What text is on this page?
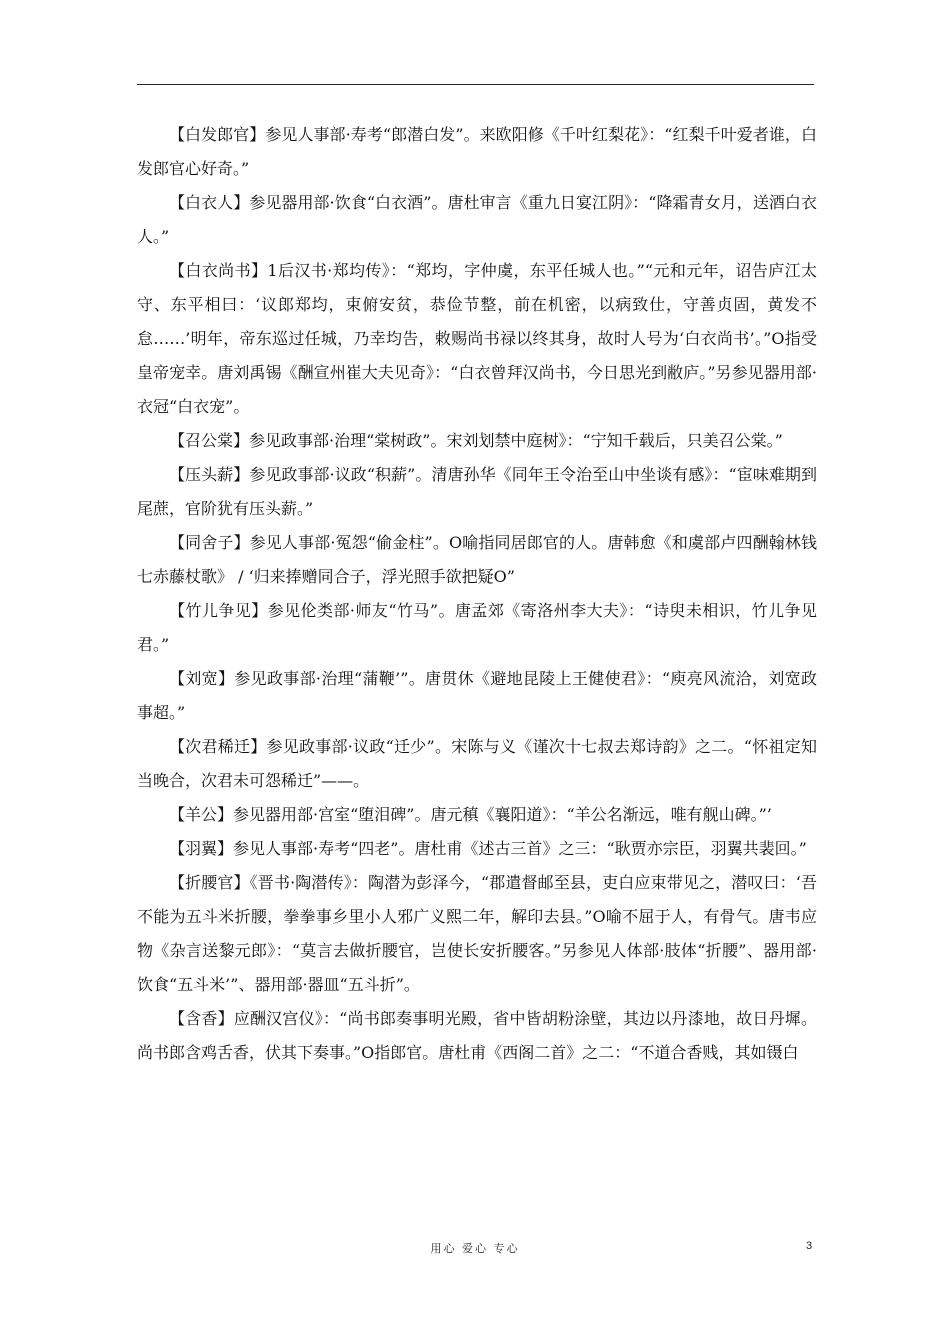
【白发郎官】参见人事部·寿考“郎潜白发”。来欧阳修《千叶红梨花》：“红梨千叶爱者谁，白发郎官心好奇。”

【白衣人】参见器用部·饮食“白衣酒”。唐杜审言《重九日宴江阴》：“降霜青女月，送酒白衣人。”

【白衣尚书】1后汉书·郑均传》：“郑均，字仲虞，东平任城人也。”“元和元年，诏告庐江太守、东平相曰：‘议郎郑均，束俯安贫，恭俭节整，前在机密，以病致仕，守善贞固，黄发不怠……’明年，帝东巡过任城，乃幸均告，敕赐尚书禄以终其身，故时人号为‘白衣尚书’。”O指受皇帝宠幸。唐刘禹锡《酬宣州崔大夫见奇》：“白衣曾拜汉尚书，今日思光到敝庐。”另参见器用部·衣冠“白衣宠”。

【召公棠】参见政事部·治理“棠树政”。宋刘划禁中庭树》：“宁知千载后，只美召公棠。”

【压头薪】参见政事部·议政“积薪”。清唐孙华《同年王令治至山中坐谈有感》：“宦味难期到尾蔗，官阶犹有压头薪。”

【同舍子】参见人事部·冤怨“偷金柱”。O喻指同居郎官的人。唐韩愈《和虞部卢四酬翰林钱七赤藤杖歌》 / ‘归来捧赠同合子，浮光照手欲把疑O”

【竹儿争见】参见伦类部·师友“竹马”。唐孟郊《寄洛州李大夫》：“诗臾未相识，竹儿争见君。”

【刘宽】参见政事部·治理“蒲鞭’”。唐贯休《避地昆陵上王健使君》：“庾亮风流洽，刘宽政事超。”

【次君稀迁】参见政事部·议政“迁少”。宋陈与义《谨次十七叔去郑诗韵》之二。“怀祖定知当晚合，次君未可怨稀迁”——。

【羊公】参见器用部·宫室“堕泪碑”。唐元稹《襄阳道》：“羊公名渐远，唯有舰山碑。”’

【羽翼】参见人事部·寿考“四老”。唐杜甫《述古三首》之三：“耿贾亦宗臣，羽翼共裴回。”

【折腰官】《晋书·陶潜传》：陶潜为彭泽今，“郡遣督邮至县，吏白应束带见之，潜叹曰：‘吾不能为五斗米折腰，拳拳事乡里小人邪广义熙二年，解印去县。”O喻不屈于人，有骨气。唐韦应物《杂言送黎元郎》：“莫言去做折腰官，岂使长安折腰客。”另参见人体部·肢体“折腰”、器用部·饮食“五斗米’”、器用部·器皿“五斗折”。

【含香】应酬汉宫仪》：“尚书郎奏事明光殿，省中皆胡粉涂壁，其边以丹漆地，故日丹墀。尚书郎含鸡舌香，伏其下奏事。”O指郎官。唐杜甫《西阁二首》之二：“不道合香贱，其如镊白

用心 爱心 专心	3
